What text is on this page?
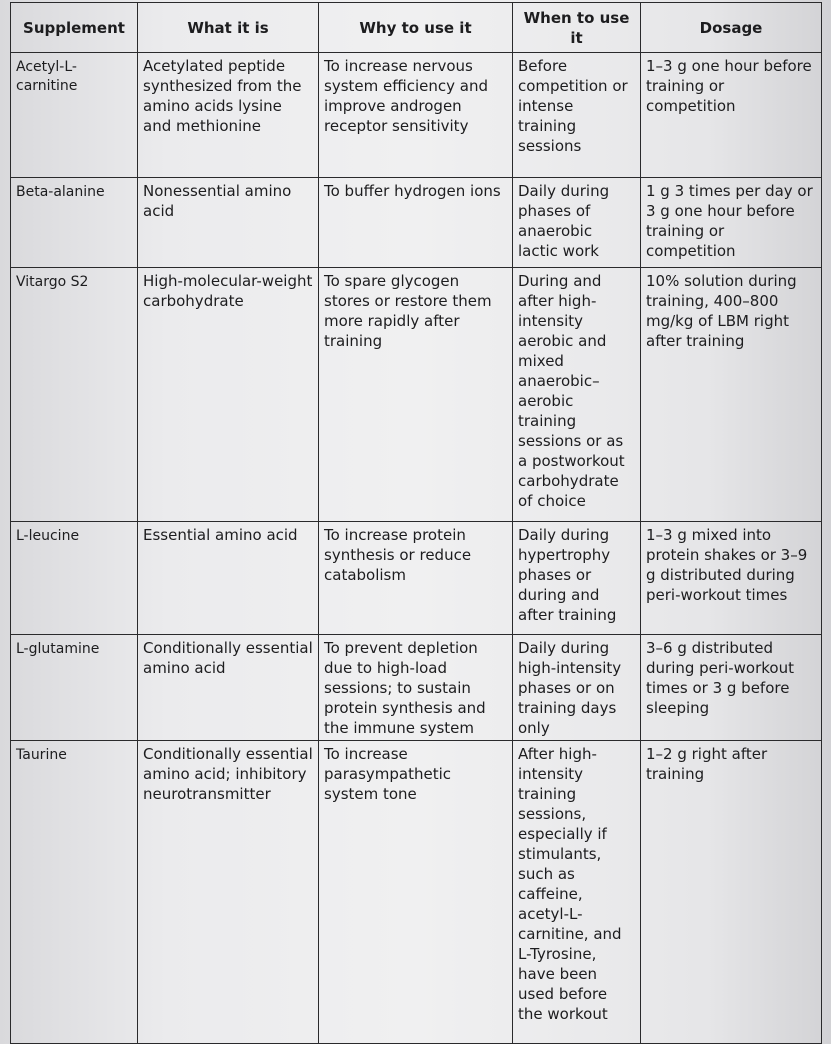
Supplement	What it is	Why to use it	When to use it	Dosage
Acetyl-L-carnitine	Acetylated peptide synthesized from the amino acids lysine and methionine	To increase nervous system efficiency and improve androgen receptor sensitivity	Before competition or intense training sessions	1–3 g one hour before training or competition
Beta-alanine	Nonessential amino acid	To buffer hydrogen ions	Daily during phases of anaerobic lactic work	1 g 3 times per day or 3 g one hour before training or competition
Vitargo S2	High-molecular-weight carbohydrate	To spare glycogen stores or restore them more rapidly after training	During and after high-intensity aerobic and mixed anaerobic–aerobic training sessions or as a postworkout carbohydrate of choice	10% solution during training, 400–800 mg/kg of LBM right after training
L-leucine	Essential amino acid	To increase protein synthesis or reduce catabolism	Daily during hypertrophy phases or during and after training	1–3 g mixed into protein shakes or 3–9 g distributed during peri-workout times
L-glutamine	Conditionally essential amino acid	To prevent depletion due to high-load sessions; to sustain protein synthesis and the immune system	Daily during high-intensity phases or on training days only	3–6 g distributed during peri-workout times or 3 g before sleeping
Taurine	Conditionally essential amino acid; inhibitory neurotransmitter	To increase parasympathetic system tone	After high-intensity training sessions, especially if stimulants, such as caffeine, acetyl-L-carnitine, and L-Tyrosine, have been used before the workout	1–2 g right after training
